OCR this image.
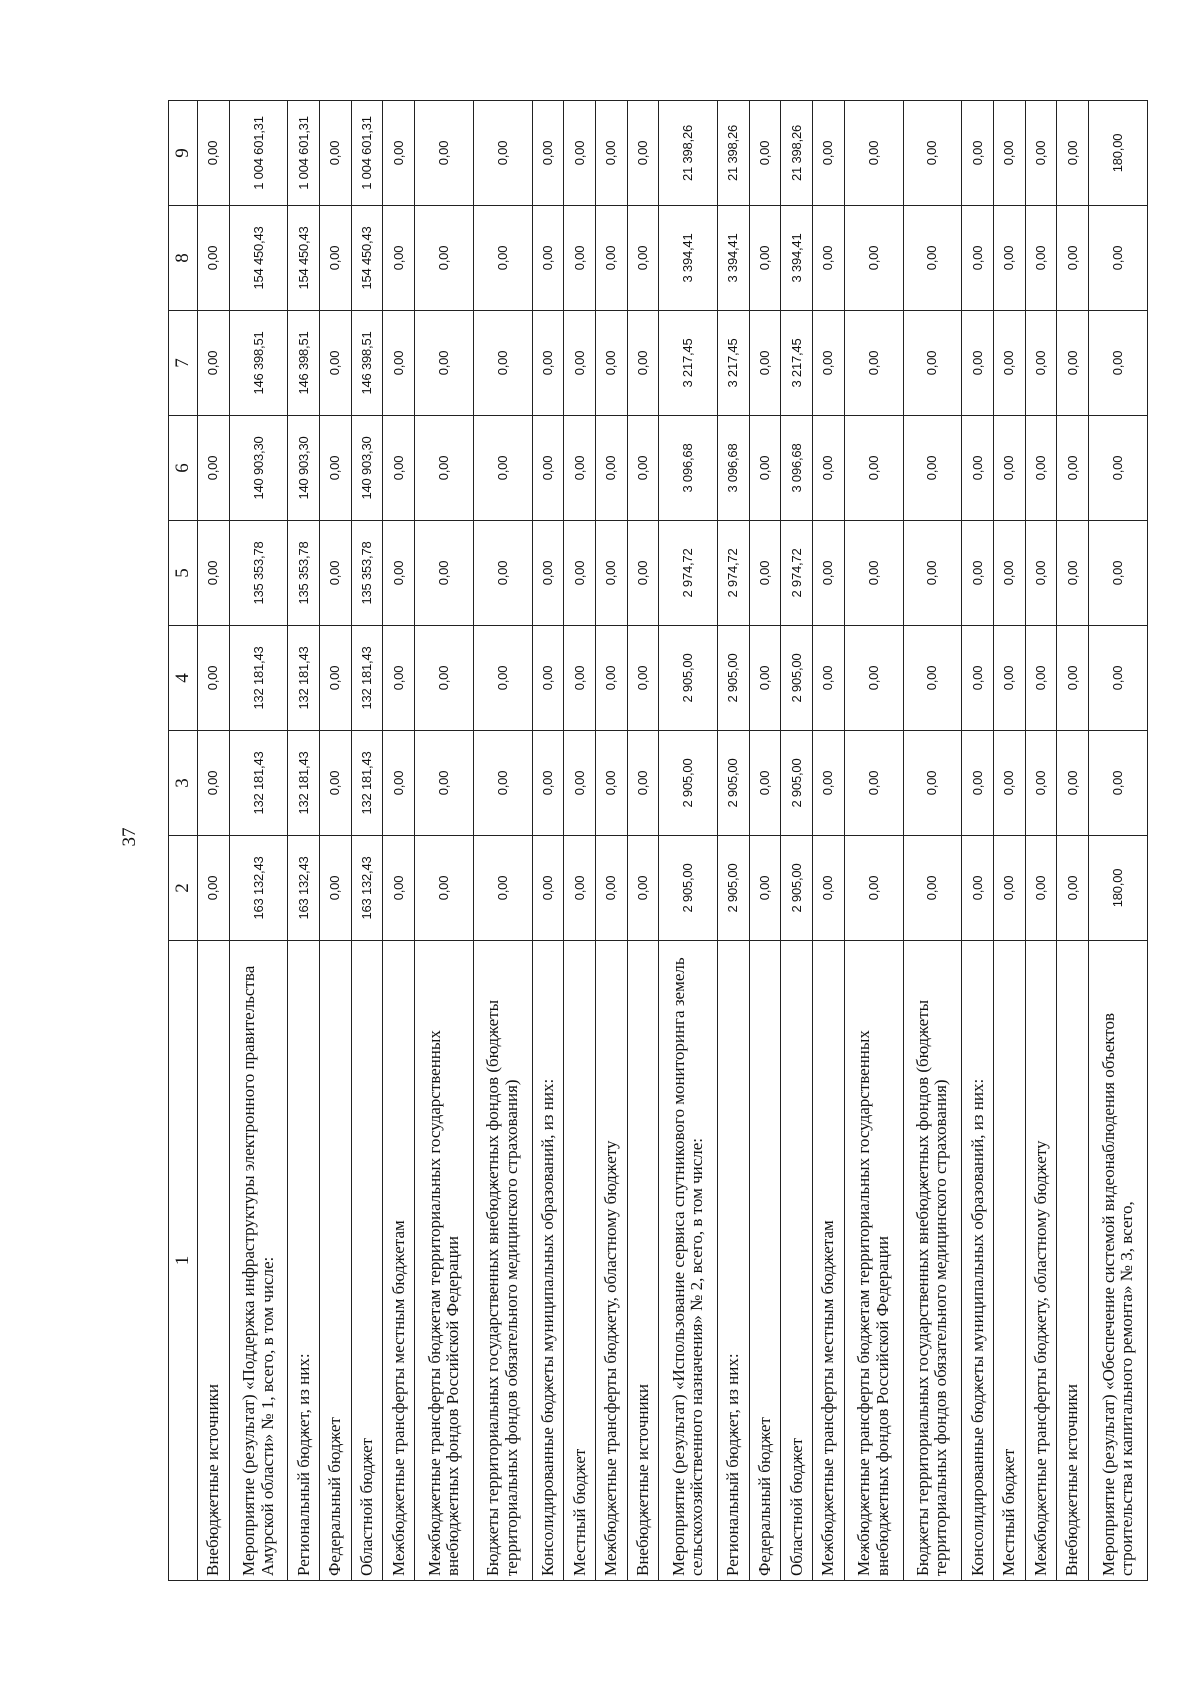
37
1	2	3	4	5	6	7	8	9
Внебюджетные источники	0,00	0,00	0,00	0,00	0,00	0,00	0,00	0,00
Мероприятие (результат) «Поддержка инфраструктуры электронного правительства Амурской области» № 1, всего, в том числе:	163 132,43	132 181,43	132 181,43	135 353,78	140 903,30	146 398,51	154 450,43	1 004 601,31
Региональный бюджет, из них:	163 132,43	132 181,43	132 181,43	135 353,78	140 903,30	146 398,51	154 450,43	1 004 601,31
Федеральный бюджет	0,00	0,00	0,00	0,00	0,00	0,00	0,00	0,00
Областной бюджет	163 132,43	132 181,43	132 181,43	135 353,78	140 903,30	146 398,51	154 450,43	1 004 601,31
Межбюджетные трансферты местным бюджетам	0,00	0,00	0,00	0,00	0,00	0,00	0,00	0,00
Межбюджетные трансферты бюджетам территориальных государственных внебюджетных фондов Российской Федерации	0,00	0,00	0,00	0,00	0,00	0,00	0,00	0,00
Бюджеты территориальных государственных внебюджетных фондов (бюджеты территориальных фондов обязательного медицинского страхования)	0,00	0,00	0,00	0,00	0,00	0,00	0,00	0,00
Консолидированные бюджеты муниципальных образований, из них:	0,00	0,00	0,00	0,00	0,00	0,00	0,00	0,00
Местный бюджет	0,00	0,00	0,00	0,00	0,00	0,00	0,00	0,00
Межбюджетные трансферты бюджету, областному бюджету	0,00	0,00	0,00	0,00	0,00	0,00	0,00	0,00
Внебюджетные источники	0,00	0,00	0,00	0,00	0,00	0,00	0,00	0,00
Мероприятие (результат) «Использование сервиса спутникового мониторинга земель сельскохозяйственного назначения» № 2, всего, в том числе:	2 905,00	2 905,00	2 905,00	2 974,72	3 096,68	3 217,45	3 394,41	21 398,26
Региональный бюджет, из них:	2 905,00	2 905,00	2 905,00	2 974,72	3 096,68	3 217,45	3 394,41	21 398,26
Федеральный бюджет	0,00	0,00	0,00	0,00	0,00	0,00	0,00	0,00
Областной бюджет	2 905,00	2 905,00	2 905,00	2 974,72	3 096,68	3 217,45	3 394,41	21 398,26
Межбюджетные трансферты местным бюджетам	0,00	0,00	0,00	0,00	0,00	0,00	0,00	0,00
Межбюджетные трансферты бюджетам территориальных государственных внебюджетных фондов Российской Федерации	0,00	0,00	0,00	0,00	0,00	0,00	0,00	0,00
Бюджеты территориальных государственных внебюджетных фондов (бюджеты территориальных фондов обязательного медицинского страхования)	0,00	0,00	0,00	0,00	0,00	0,00	0,00	0,00
Консолидированные бюджеты муниципальных образований, из них:	0,00	0,00	0,00	0,00	0,00	0,00	0,00	0,00
Местный бюджет	0,00	0,00	0,00	0,00	0,00	0,00	0,00	0,00
Межбюджетные трансферты бюджету, областному бюджету	0,00	0,00	0,00	0,00	0,00	0,00	0,00	0,00
Внебюджетные источники	0,00	0,00	0,00	0,00	0,00	0,00	0,00	0,00
Мероприятие (результат) «Обеспечение системой видеонаблюдения объектов строительства и капитального ремонта» № 3, всего,	180,00	0,00	0,00	0,00	0,00	0,00	0,00	180,00
